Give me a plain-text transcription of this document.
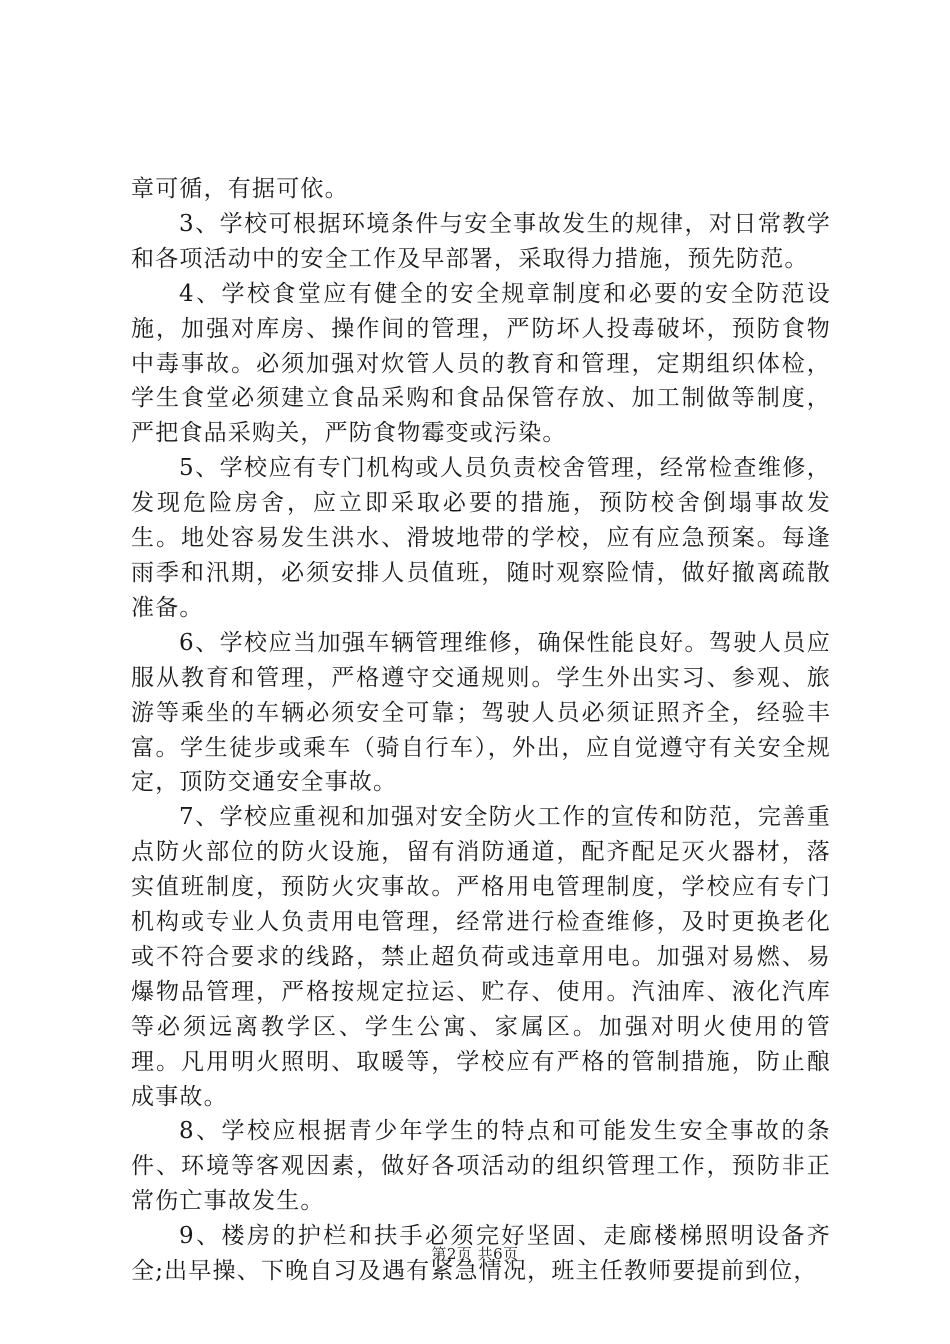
章可循，有据可依。

3、学校可根据环境条件与安全事故发生的规律，对日常教学和各项活动中的安全工作及早部署，采取得力措施，预先防范。

4、学校食堂应有健全的安全规章制度和必要的安全防范设施，加强对库房、操作间的管理，严防坏人投毒破坏，预防食物中毒事故。必须加强对炊管人员的教育和管理，定期组织体检，学生食堂必须建立食品采购和食品保管存放、加工制做等制度，严把食品采购关，严防食物霉变或污染。

5、学校应有专门机构或人员负责校舍管理，经常检查维修，发现危险房舍，应立即采取必要的措施，预防校舍倒塌事故发生。地处容易发生洪水、滑坡地带的学校，应有应急预案。每逢雨季和汛期，必须安排人员值班，随时观察险情，做好撤离疏散准备。

6、学校应当加强车辆管理维修，确保性能良好。驾驶人员应服从教育和管理，严格遵守交通规则。学生外出实习、参观、旅游等乘坐的车辆必须安全可靠；驾驶人员必须证照齐全，经验丰富。学生徒步或乘车（骑自行车），外出，应自觉遵守有关安全规定，顶防交通安全事故。

7、学校应重视和加强对安全防火工作的宣传和防范，完善重点防火部位的防火设施，留有消防通道，配齐配足灭火器材，落实值班制度，预防火灾事故。严格用电管理制度，学校应有专门机构或专业人负责用电管理，经常进行检查维修，及时更换老化或不符合要求的线路，禁止超负荷或违章用电。加强对易燃、易爆物品管理，严格按规定拉运、贮存、使用。汽油库、液化汽库等必须远离教学区、学生公寓、家属区。加强对明火使用的管理。凡用明火照明、取暖等，学校应有严格的管制措施，防止酿成事故。

8、学校应根据青少年学生的特点和可能发生安全事故的条件、环境等客观因素，做好各项活动的组织管理工作，预防非正常伤亡事故发生。

9、楼房的护栏和扶手必须完好坚固、走廊楼梯照明设备齐全;出早操、下晚自习及遇有紧急情况，班主任教师要提前到位，

第2页 共6页
